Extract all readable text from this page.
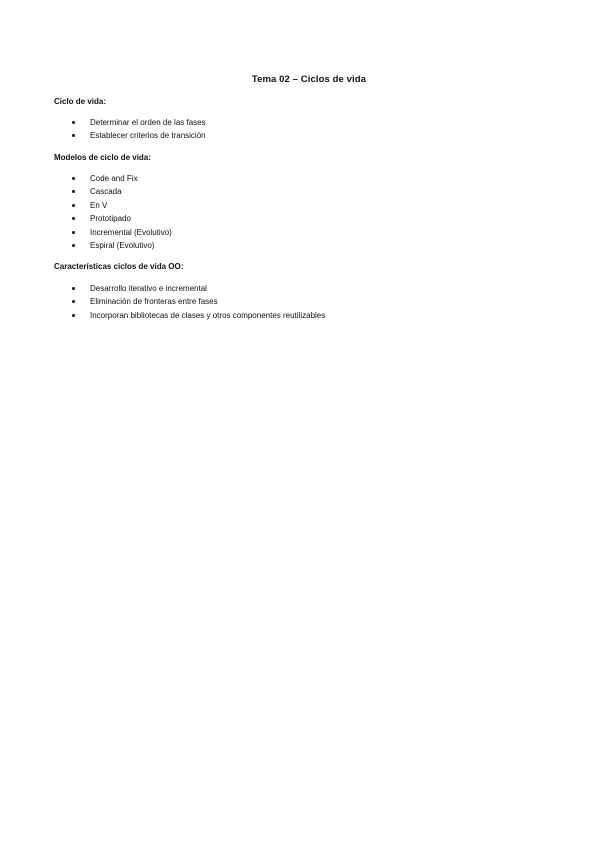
Tema 02 – Ciclos de vida
Ciclo de vida:
Determinar el orden de las fases
Establecer criterios de transición
Modelos de ciclo de vida:
Code and Fix
Cascada
En V
Prototipado
Incremental (Evolutivo)
Espiral (Evolutivo)
Características ciclos de vida OO:
Desarrollo iterativo e incremental
Eliminación de fronteras entre fases
Incorporan bibliotecas de clases y otros componentes reutilizables
